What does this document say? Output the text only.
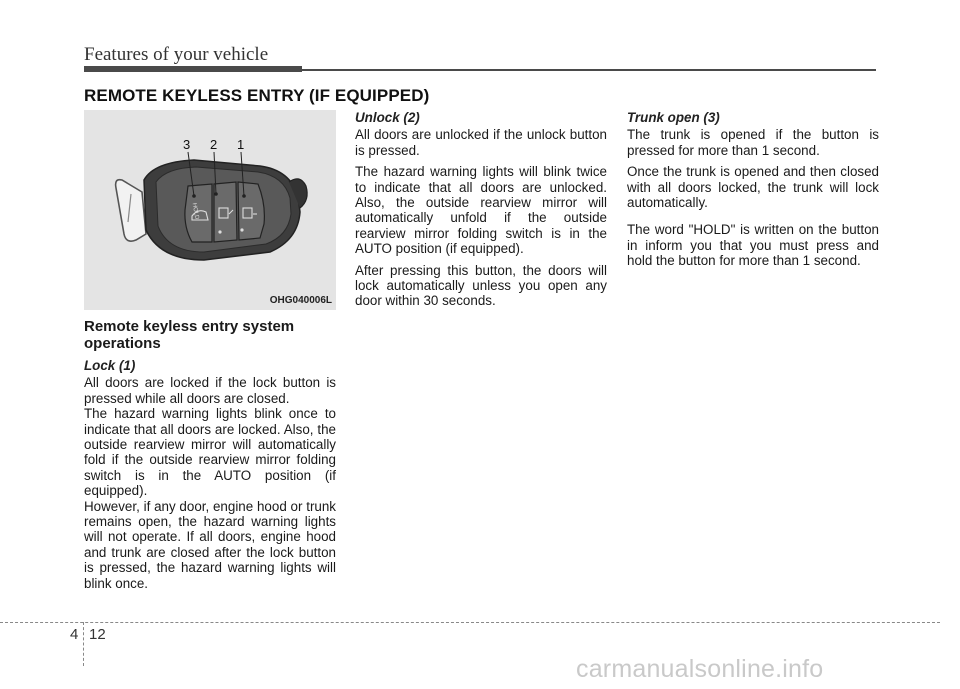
Features of your vehicle
REMOTE KEYLESS ENTRY (IF EQUIPPED)
HOLD
3 2 1
OHG040006L
Remote keyless entry system operations
Lock (1)

All doors are locked if the lock button is pressed while all doors are closed.

The hazard warning lights blink once to indicate that all doors are locked. Also, the outside rearview mirror will automatically fold if the outside rearview mirror folding switch is in the AUTO position (if equipped).

However, if any door, engine hood or trunk remains open, the hazard warning lights will not operate. If all doors, engine hood and trunk are closed after the lock button is pressed, the hazard warning lights will blink once.

Unlock (2)

All doors are unlocked if the unlock button is pressed.

The hazard warning lights will blink twice to indicate that all doors are unlocked. Also, the outside rearview mirror will automatically unfold if the outside rearview mirror folding switch is in the AUTO position (if equipped).

After pressing this button, the doors will lock automatically unless you open any door within 30 seconds.

Trunk open (3)

The trunk is opened if the button is pressed for more than 1 second.

Once the trunk is opened and then closed with all doors locked, the trunk will lock automatically.

The word "HOLD" is written on the button in inform you that you must press and hold the button for more than 1 second.

4 12
carmanualsonline.info
